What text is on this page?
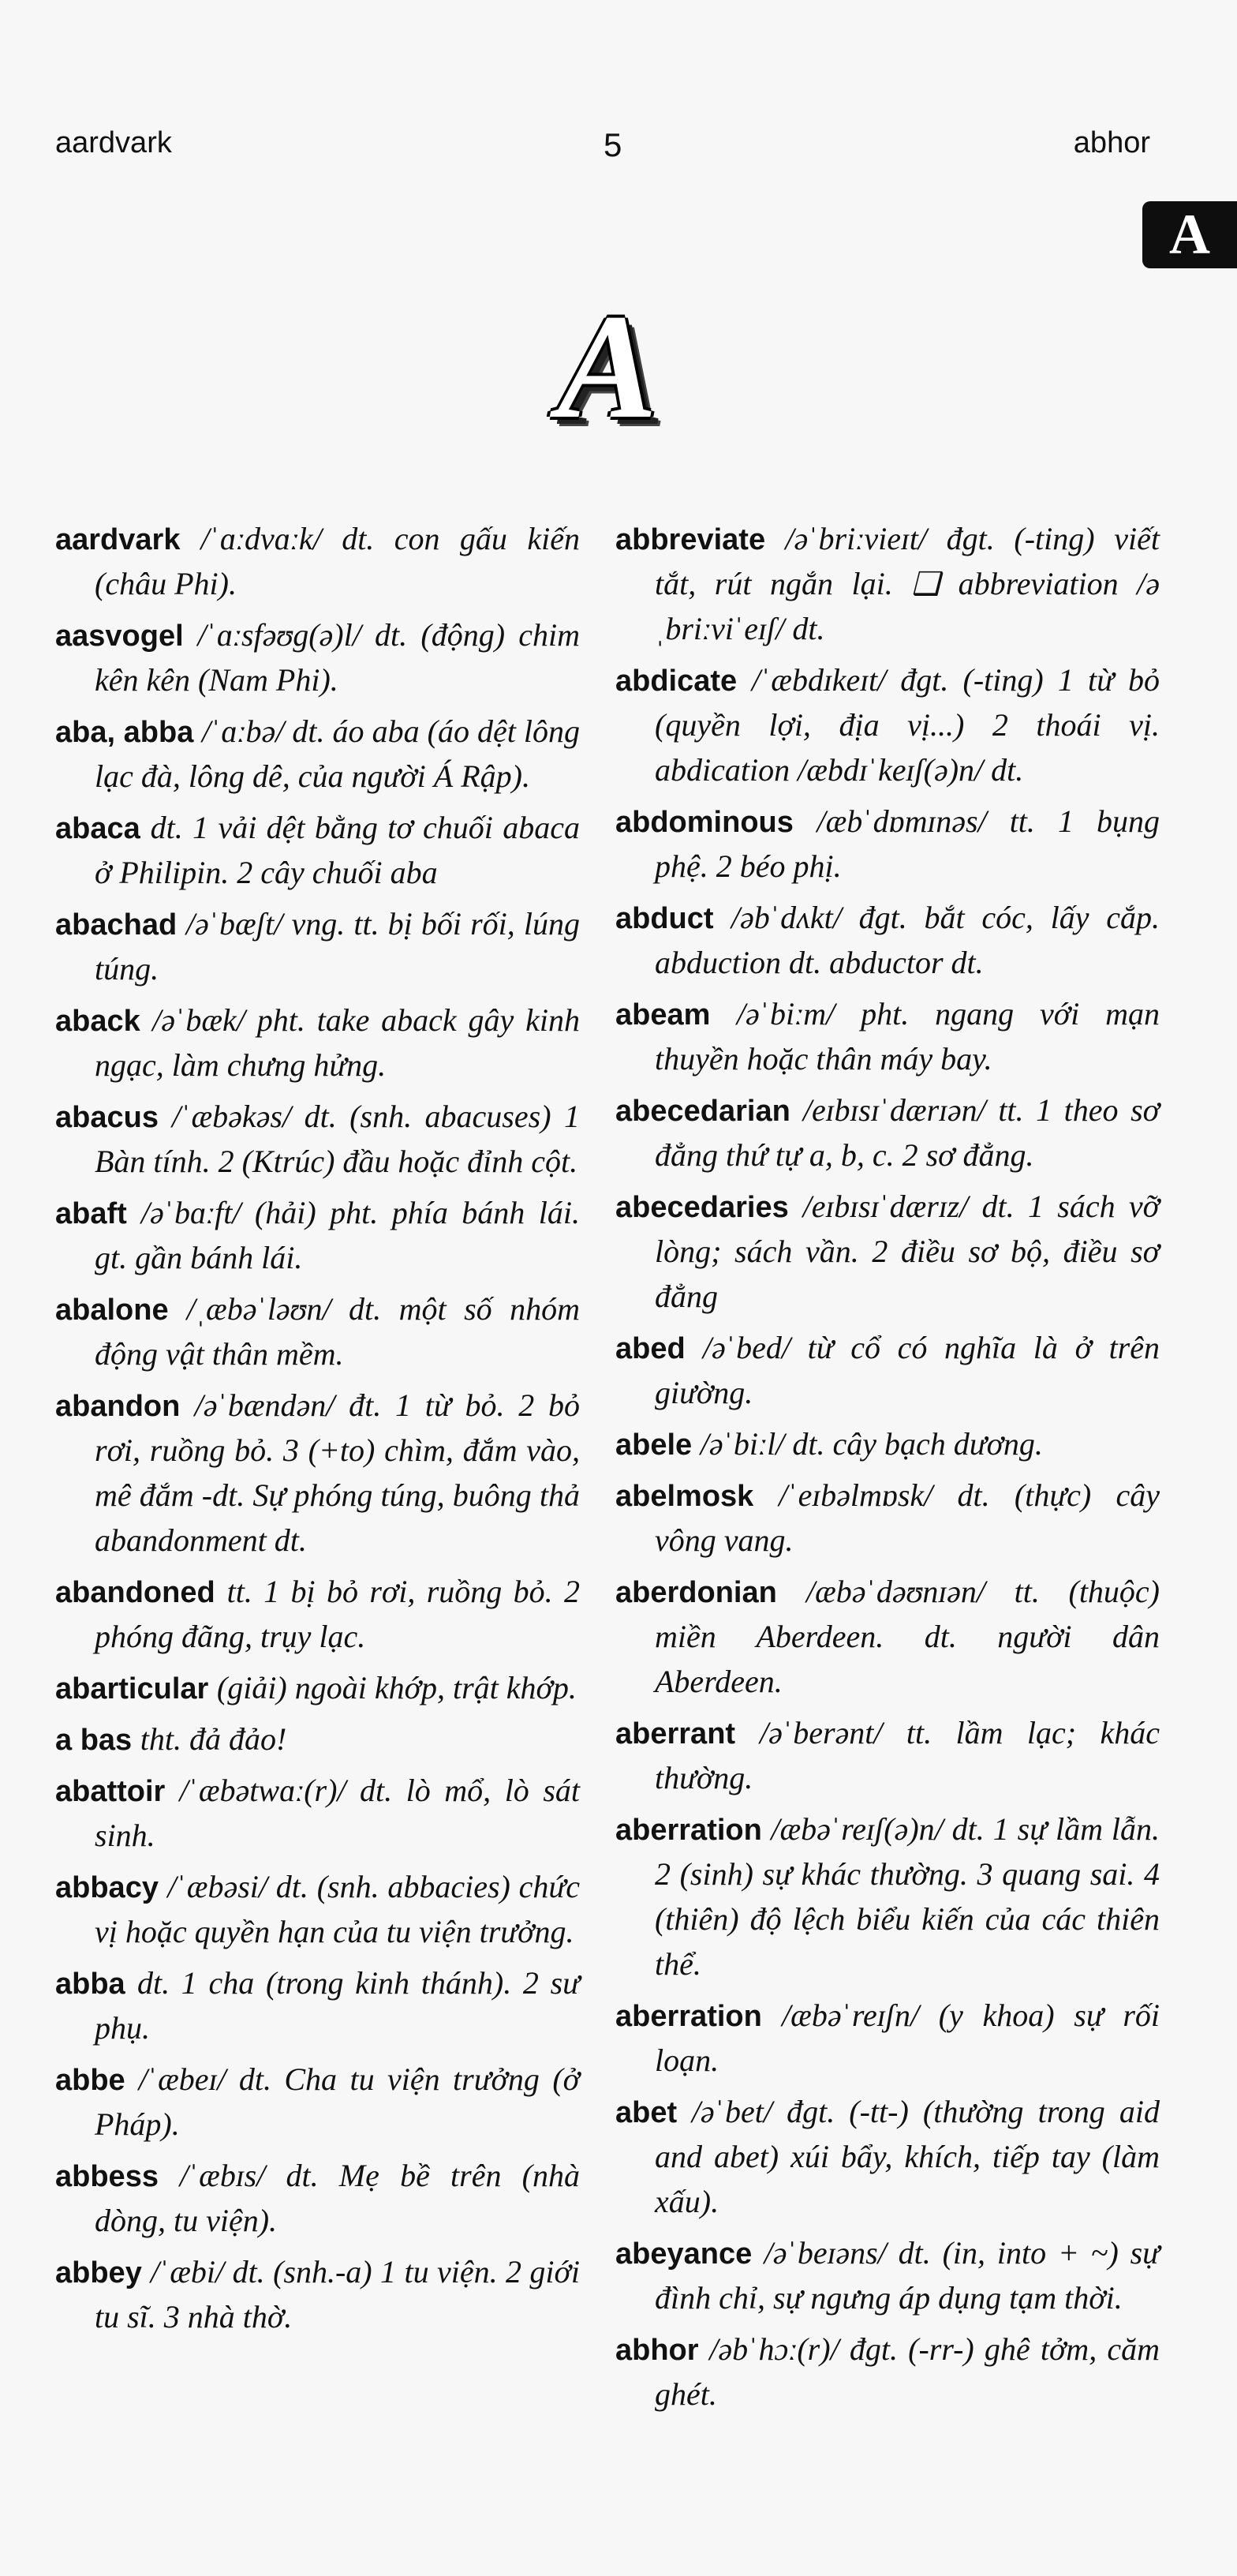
aardvark	5	abhor
A
A

aardvark /ˈɑːdvɑːk/ dt. con gấu kiến (châu Phi).

aasvogel /ˈɑːsfəʊg(ə)l/ dt. (động) chim kên kên (Nam Phi).

aba, abba /ˈɑːbə/ dt. áo aba (áo dệt lông lạc đà, lông dê, của người Á Rập).

abaca dt. 1 vải dệt bằng tơ chuối abaca ở Philipin. 2 cây chuối aba

abachad /əˈbæʃt/ vng. tt. bị bối rối, lúng túng.

aback /əˈbæk/ pht. take aback gây kinh ngạc, làm chưng hửng.

abacus /ˈæbəkəs/ dt. (snh. abacuses) 1 Bàn tính. 2 (Ktrúc) đầu hoặc đỉnh cột.

abaft /əˈbɑːft/ (hải) pht. phía bánh lái. gt. gần bánh lái.

abalone /ˌæbəˈləʊn/ dt. một số nhóm động vật thân mềm.

abandon /əˈbændən/ đt. 1 từ bỏ. 2 bỏ rơi, ruồng bỏ. 3 (+to) chìm, đắm vào, mê đắm -dt. Sự phóng túng, buông thả abandonment dt.

abandoned tt. 1 bị bỏ rơi, ruồng bỏ. 2 phóng đãng, trụy lạc.

abarticular (giải) ngoài khớp, trật khớp.

a bas tht. đả đảo!

abattoir /ˈæbətwɑː(r)/ dt. lò mổ, lò sát sinh.

abbacy /ˈæbəsi/ dt. (snh. abbacies) chức vị hoặc quyền hạn của tu viện trưởng.

abba dt. 1 cha (trong kinh thánh). 2 sư phụ.

abbe /ˈæbeɪ/ dt. Cha tu viện trưởng (ở Pháp).

abbess /ˈæbɪs/ dt. Mẹ bề trên (nhà dòng, tu viện).

abbey /ˈæbi/ dt. (snh.-a) 1 tu viện. 2 giới tu sĩ. 3 nhà thờ.

abbreviate /əˈbriːvieɪt/ đgt. (-ting) viết tắt, rút ngắn lại. ❑ abbreviation /əˌbriːviˈeɪʃ/ dt.

abdicate /ˈæbdɪkeɪt/ đgt. (-ting) 1 từ bỏ (quyền lợi, địa vị...) 2 thoái vị. abdication /æbdɪˈkeɪʃ(ə)n/ dt.

abdominous /æbˈdɒmɪnəs/ tt. 1 bụng phệ. 2 béo phị.

abduct /əbˈdʌkt/ đgt. bắt cóc, lấy cắp. abduction dt. abductor dt.

abeam /əˈbiːm/ pht. ngang với mạn thuyền hoặc thân máy bay.

abecedarian /eɪbɪsɪˈdærɪən/ tt. 1 theo sơ đẳng thứ tự a, b, c. 2 sơ đẳng.

abecedaries /eɪbɪsɪˈdærɪz/ dt. 1 sách vỡ lòng; sách vần. 2 điều sơ bộ, điều sơ đẳng

abed /əˈbed/ từ cổ có nghĩa là ở trên giường.

abele /əˈbiːl/ dt. cây bạch dương.

abelmosk /ˈeɪbəlmɒsk/ dt. (thực) cây vông vang.

aberdonian /æbəˈdəʊnɪən/ tt. (thuộc) miền Aberdeen. dt. người dân Aberdeen.

aberrant /əˈberənt/ tt. lầm lạc; khác thường.

aberration /æbəˈreɪʃ(ə)n/ dt. 1 sự lầm lẫn. 2 (sinh) sự khác thường. 3 quang sai. 4 (thiên) độ lệch biểu kiến của các thiên thể.

aberration /æbəˈreɪʃn/ (y khoa) sự rối loạn.

abet /əˈbet/ đgt. (-tt-) (thường trong aid and abet) xúi bẩy, khích, tiếp tay (làm xấu).

abeyance /əˈbeɪəns/ dt. (in, into + ~) sự đình chỉ, sự ngưng áp dụng tạm thời.

abhor /əbˈhɔː(r)/ đgt. (-rr-) ghê tởm, căm ghét.
